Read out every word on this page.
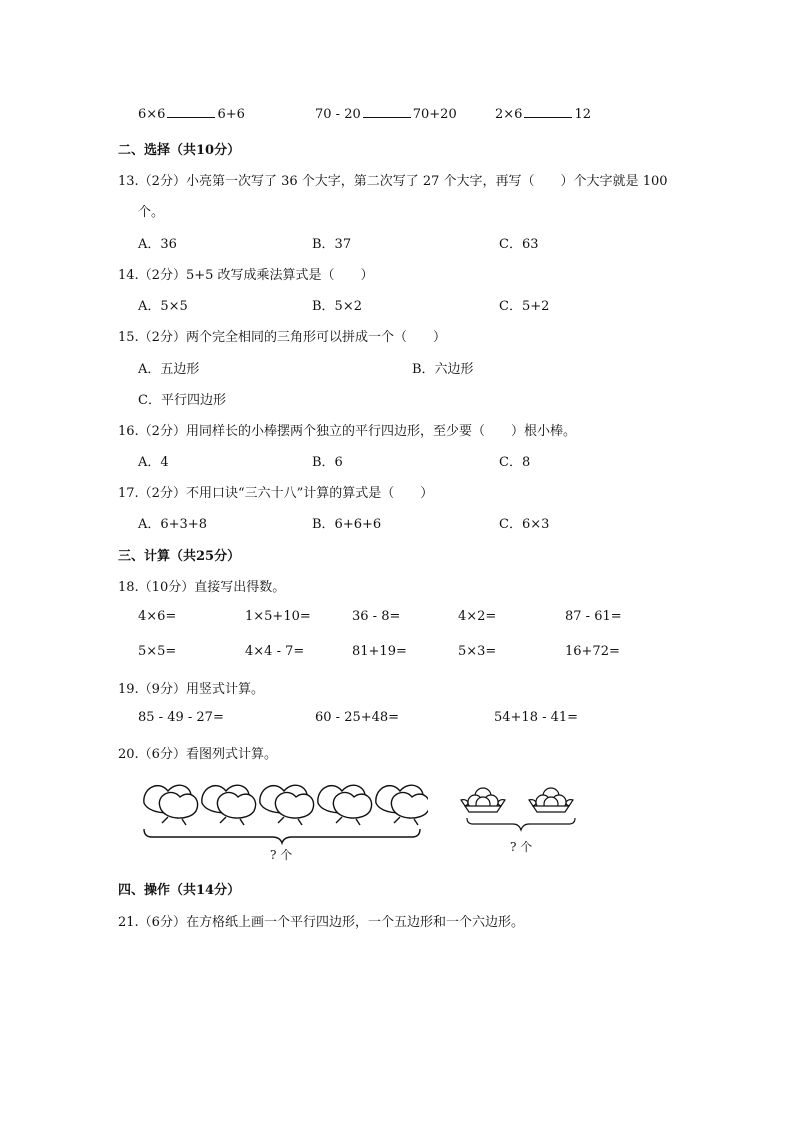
6×6	6+6	70 - 20	70+20	2×6	12
二、选择（共10分）
13.（2分）小亮第一次写了 36 个大字，第二次写了 27 个大字，再写（　　）个大字就是 100
个。
A．36	B．37	C．63
14.（2分）5+5 改写成乘法算式是（　　）
A．5×5	B．5×2	C．5+2
15.（2分）两个完全相同的三角形可以拼成一个（　　）
A．五边形	B．六边形
C．平行四边形
16.（2分）用同样长的小棒摆两个独立的平行四边形，至少要（　　）根小棒。
A．4	B．6	C．8
17.（2分）不用口诀“三六十八”计算的算式是（　　）
A．6+3+8	B．6+6+6	C．6×3
三、计算（共25分）
18.（10分）直接写出得数。
4×6=	1×5+10=	36 - 8=	4×2=	87 - 61=
5×5=	4×4 - 7=	81+19=	5×3=	16+72=
19.（9分）用竖式计算。
85 - 49 - 27=	60 - 25+48=	54+18 - 41=
20.（6分）看图列式计算。
? 个
? 个
四、操作（共14分）
21.（6分）在方格纸上画一个平行四边形，一个五边形和一个六边形。
